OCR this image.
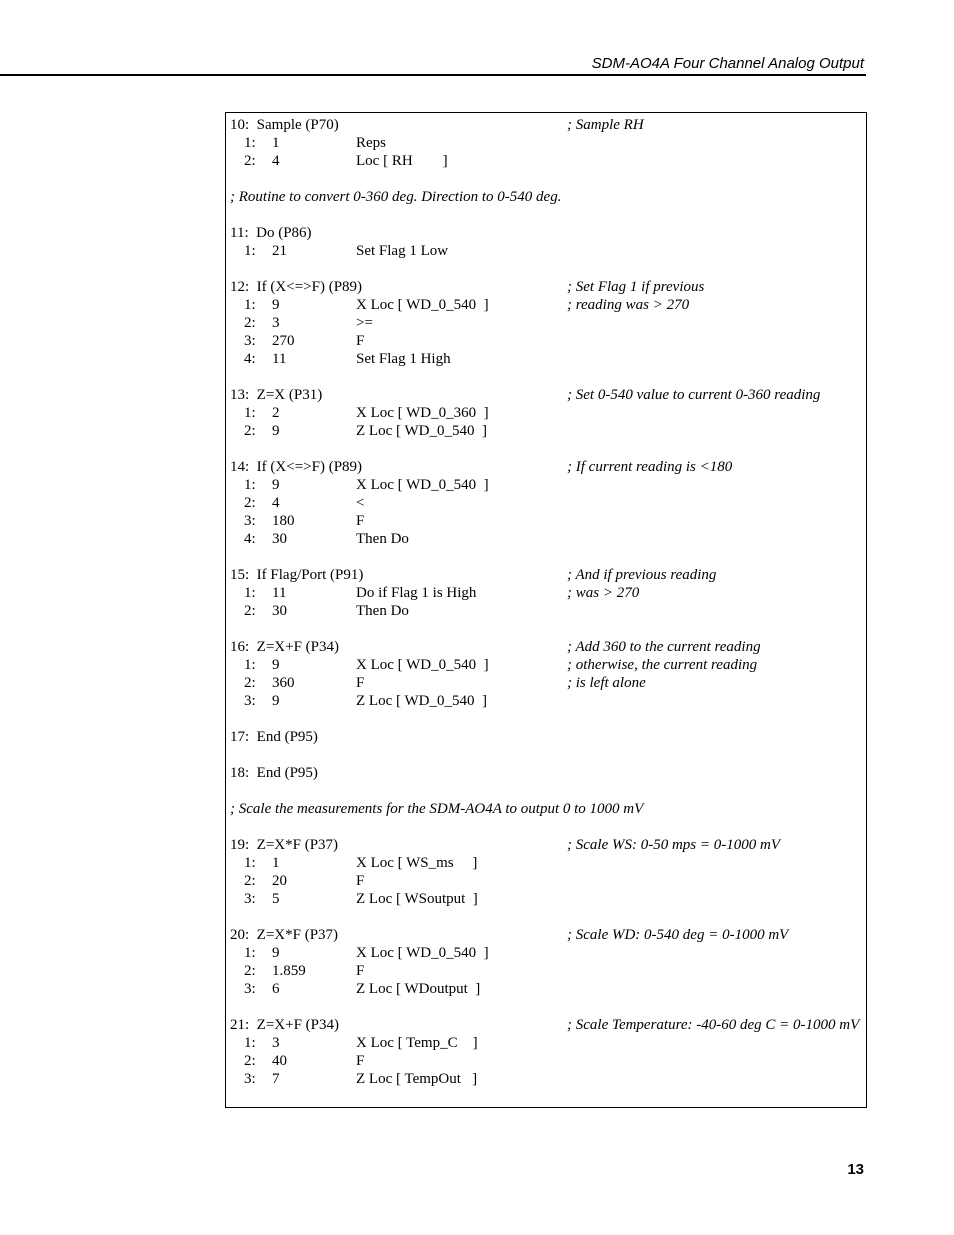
SDM-AO4A Four Channel Analog Output
10:  Sample (P70)	; Sample RH
1: 1	Reps
2: 4	Loc [ RH        ]
; Routine to convert 0-360 deg. Direction to 0-540 deg.
11:  Do (P86)
1: 21	Set Flag 1 Low
12:  If (X<=>F) (P89)	; Set Flag 1 if previous
1: 9	X Loc [ WD_0_540  ]	; reading was > 270
2: 3	>=
3: 270	F
4: 11	Set Flag 1 High
13:  Z=X (P31)	; Set 0-540 value to current 0-360 reading
1: 2	X Loc [ WD_0_360  ]
2: 9	Z Loc [ WD_0_540  ]
14:  If (X<=>F) (P89)	; If current reading is <180
1: 9	X Loc [ WD_0_540  ]
2: 4	<
3: 180	F
4: 30	Then Do
15:  If Flag/Port (P91)	; And if previous reading
1: 11	Do if Flag 1 is High	; was > 270
2: 30	Then Do
16:  Z=X+F (P34)	; Add 360 to the current reading
1: 9	X Loc [ WD_0_540  ]	; otherwise, the current reading
2: 360	F	; is left alone
3: 9	Z Loc [ WD_0_540  ]
17:  End (P95)
18:  End (P95)
; Scale the measurements for the SDM-AO4A to output 0 to 1000 mV
19:  Z=X*F (P37)	; Scale WS: 0-50 mps = 0-1000 mV
1: 1	X Loc [ WS_ms     ]
2: 20	F
3: 5	Z Loc [ WSoutput  ]
20:  Z=X*F (P37)	; Scale WD: 0-540 deg = 0-1000 mV
1: 9	X Loc [ WD_0_540  ]
2: 1.859	F
3: 6	Z Loc [ WDoutput  ]
21:  Z=X+F (P34)	; Scale Temperature: -40-60 deg C = 0-1000 mV
1: 3	X Loc [ Temp_C    ]
2: 40	F
3: 7	Z Loc [ TempOut   ]
13
